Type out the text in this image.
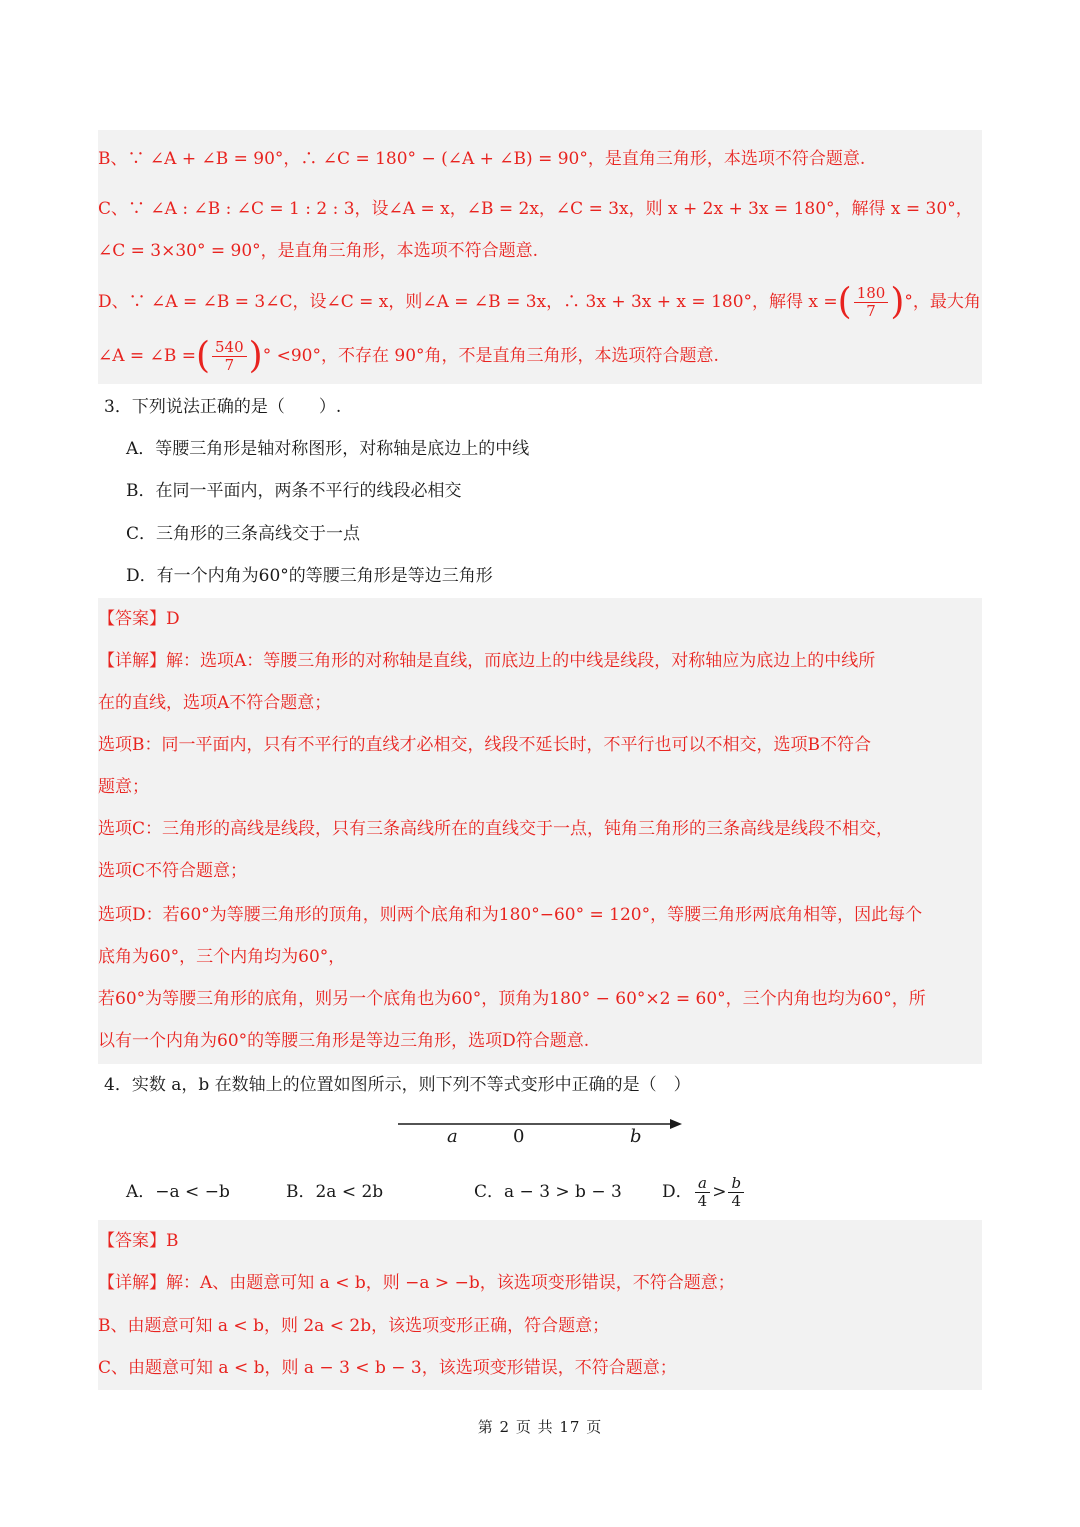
B、∵ ∠A + ∠B = 90°，∴ ∠C = 180° − (∠A + ∠B) = 90°，是直角三角形，本选项不符合题意.
C、∵ ∠A : ∠B : ∠C = 1 : 2 : 3，设∠A = x，∠B = 2x，∠C = 3x，则 x + 2x + 3x = 180°，解得 x = 30°，
∠C = 3×30° = 90°，是直角三角形，本选项不符合题意.
D、∵ ∠A = ∠B = 3∠C，设∠C = x，则∠A = ∠B = 3x，∴ 3x + 3x + x = 180°，解得 x =( $\frac{180}{7}$ )°，最大角
∠A = ∠B =( $\frac{540}{7}$ )° <90°，不存在 90°角，不是直角三角形，本选项符合题意.
3．下列说法正确的是（　　）.
A．等腰三角形是轴对称图形，对称轴是底边上的中线
B．在同一平面内，两条不平行的线段必相交
C．三角形的三条高线交于一点
D．有一个内角为60°的等腰三角形是等边三角形
【答案】D
【详解】解：选项A：等腰三角形的对称轴是直线，而底边上的中线是线段，对称轴应为底边上的中线所
在的直线，选项A不符合题意；
选项B：同一平面内，只有不平行的直线才必相交，线段不延长时，不平行也可以不相交，选项B不符合
题意；
选项C：三角形的高线是线段，只有三条高线所在的直线交于一点，钝角三角形的三条高线是线段不相交，
选项C不符合题意；
选项D：若60°为等腰三角形的顶角，则两个底角和为180°−60° = 120°，等腰三角形两底角相等，因此每个
底角为60°，三个内角均为60°，
若60°为等腰三角形的底角，则另一个底角也为60°，顶角为180° − 60°×2 = 60°，三个内角也均为60°，所
以有一个内角为60°的等腰三角形是等边三角形，选项D符合题意.
4．实数 a，b 在数轴上的位置如图所示，则下列不等式变形中正确的是（　）
a	0	b
A．−a < −b	B．2a < 2b	C．a − 3 > b − 3 D． $\frac{a}{4} > \frac{b}{4}$
【答案】B
【详解】解：A、由题意可知 a < b，则 −a > −b，该选项变形错误，不符合题意；
B、由题意可知 a < b，则 2a < 2b，该选项变形正确，符合题意；
C、由题意可知 a < b，则 a − 3 < b − 3，该选项变形错误，不符合题意；
第 2 页 共 17 页
